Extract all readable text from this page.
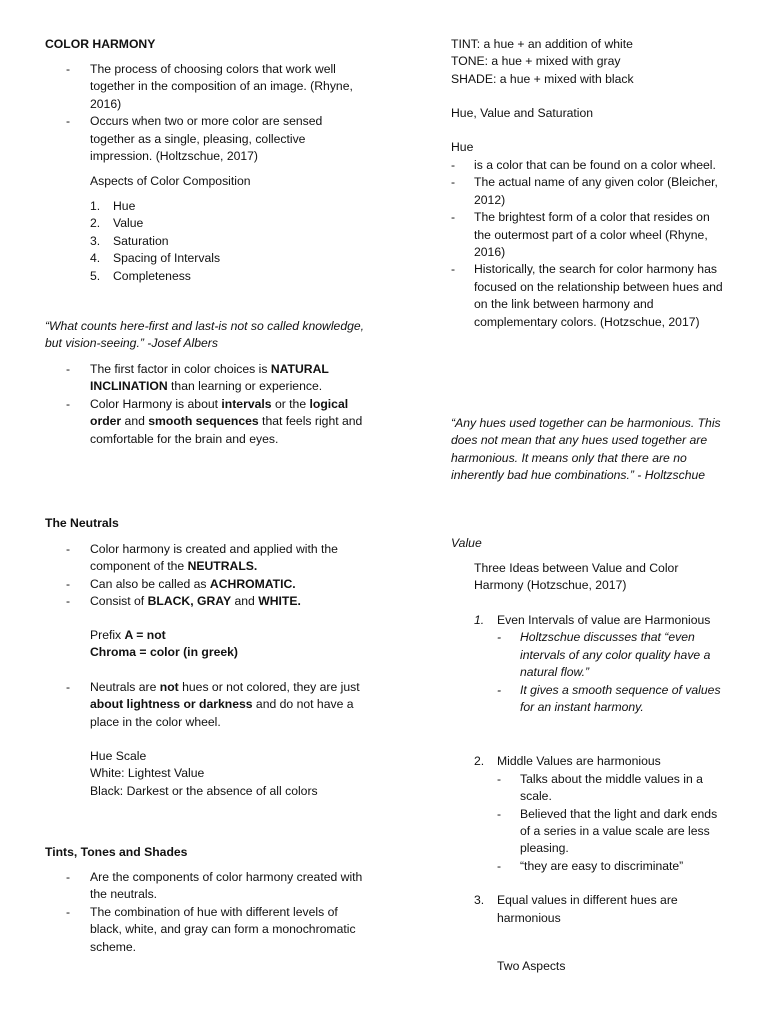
COLOR HARMONY
- The process of choosing colors that work well together in the composition of an image. (Rhyne, 2016)
- Occurs when two or more color are sensed together as a single, pleasing, collective impression. (Holtzschue, 2017)
Aspects of Color Composition
1. Hue
2. Value
3. Saturation
4. Spacing of Intervals
5. Completeness
“What counts here-first and last-is not so called knowledge, but vision-seeing.” -Josef Albers
- The first factor in color choices is NATURAL INCLINATION than learning or experience.
- Color Harmony is about intervals or the logical order and smooth sequences that feels right and comfortable for the brain and eyes.
The Neutrals
- Color harmony is created and applied with the component of the NEUTRALS.
- Can also be called as ACHROMATIC.
- Consist of BLACK, GRAY and WHITE.
Prefix A = not
Chroma = color (in greek)
- Neutrals are not hues or not colored, they are just about lightness or darkness and do not have a place in the color wheel.
Hue Scale
White: Lightest Value
Black: Darkest or the absence of all colors
Tints, Tones and Shades
- Are the components of color harmony created with the neutrals.
- The combination of hue with different levels of black, white, and gray can form a monochromatic scheme.
TINT: a hue + an addition of white
TONE: a hue + mixed with gray
SHADE: a hue + mixed with black
Hue, Value and Saturation
Hue
- is a color that can be found on a color wheel.
- The actual name of any given color (Bleicher, 2012)
- The brightest form of a color that resides on the outermost part of a color wheel (Rhyne, 2016)
- Historically, the search for color harmony has focused on the relationship between hues and on the link between harmony and complementary colors. (Hotzschue, 2017)
“Any hues used together can be harmonious. This does not mean that any hues used together are harmonious. It means only that there are no inherently bad hue combinations.” - Holtzschue
Value
Three Ideas between Value and Color Harmony (Hotzschue, 2017)
1. Even Intervals of value are Harmonious
- Holtzschue discusses that “even intervals of any color quality have a natural flow.”
- It gives a smooth sequence of values for an instant harmony.
2. Middle Values are harmonious
- Talks about the middle values in a scale.
- Believed that the light and dark ends of a series in a value scale are less pleasing.
- “they are easy to discriminate”
3. Equal values in different hues are harmonious
Two Aspects
